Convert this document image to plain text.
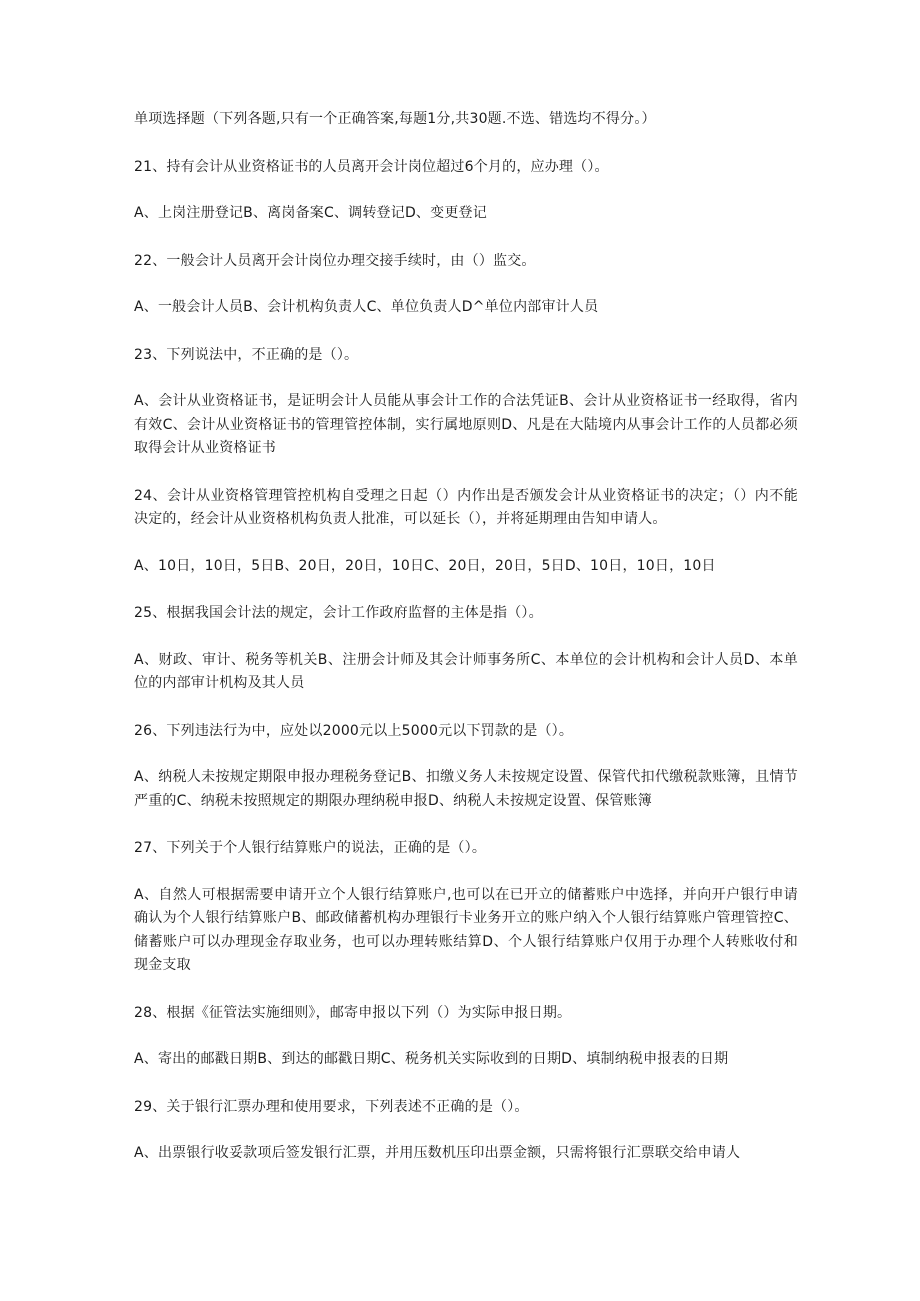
单项选择题（下列各题,只有一个正确答案,每题1分,共30题.不选、错选均不得分。）

21、持有会计从业资格证书的人员离开会计岗位超过6个月的，应办理（）。

A、上岗注册登记B、离岗备案C、调转登记D、变更登记

22、一般会计人员离开会计岗位办理交接手续时，由（）监交。

A、一般会计人员B、会计机构负责人C、单位负责人D^单位内部审计人员

23、下列说法中，不正确的是（）。

A、会计从业资格证书，是证明会计人员能从事会计工作的合法凭证B、会计从业资格证书一经取得，省内有效C、会计从业资格证书的管理管控体制，实行属地原则D、凡是在大陆境内从事会计工作的人员都必须取得会计从业资格证书

24、会计从业资格管理管控机构自受理之日起（）内作出是否颁发会计从业资格证书的决定；（）内不能决定的，经会计从业资格机构负责人批准，可以延长（），并将延期理由告知申请人。

A、10日，10日，5日B、20日，20日，10日C、20日，20日，5日D、10日，10日，10日

25、根据我国会计法的规定，会计工作政府监督的主体是指（）。

A、财政、审计、税务等机关B、注册会计师及其会计师事务所C、本单位的会计机构和会计人员D、本单位的内部审计机构及其人员

26、下列违法行为中，应处以2000元以上5000元以下罚款的是（）。

A、纳税人未按规定期限申报办理税务登记B、扣缴义务人未按规定设置、保管代扣代缴税款账簿，且情节严重的C、纳税未按照规定的期限办理纳税申报D、纳税人未按规定设置、保管账簿

27、下列关于个人银行结算账户的说法，正确的是（）。

A、自然人可根据需要申请开立个人银行结算账户,也可以在已开立的储蓄账户中选择，并向开户银行申请确认为个人银行结算账户B、邮政储蓄机构办理银行卡业务开立的账户纳入个人银行结算账户管理管控C、储蓄账户可以办理现金存取业务，也可以办理转账结算D、个人银行结算账户仅用于办理个人转账收付和现金支取

28、根据《征管法实施细则》，邮寄申报以下列（）为实际申报日期。

A、寄出的邮戳日期B、到达的邮戳日期C、税务机关实际收到的日期D、填制纳税申报表的日期

29、关于银行汇票办理和使用要求，下列表述不正确的是（）。

A、出票银行收妥款项后签发银行汇票，并用压数机压印出票金额，只需将银行汇票联交给申请人
